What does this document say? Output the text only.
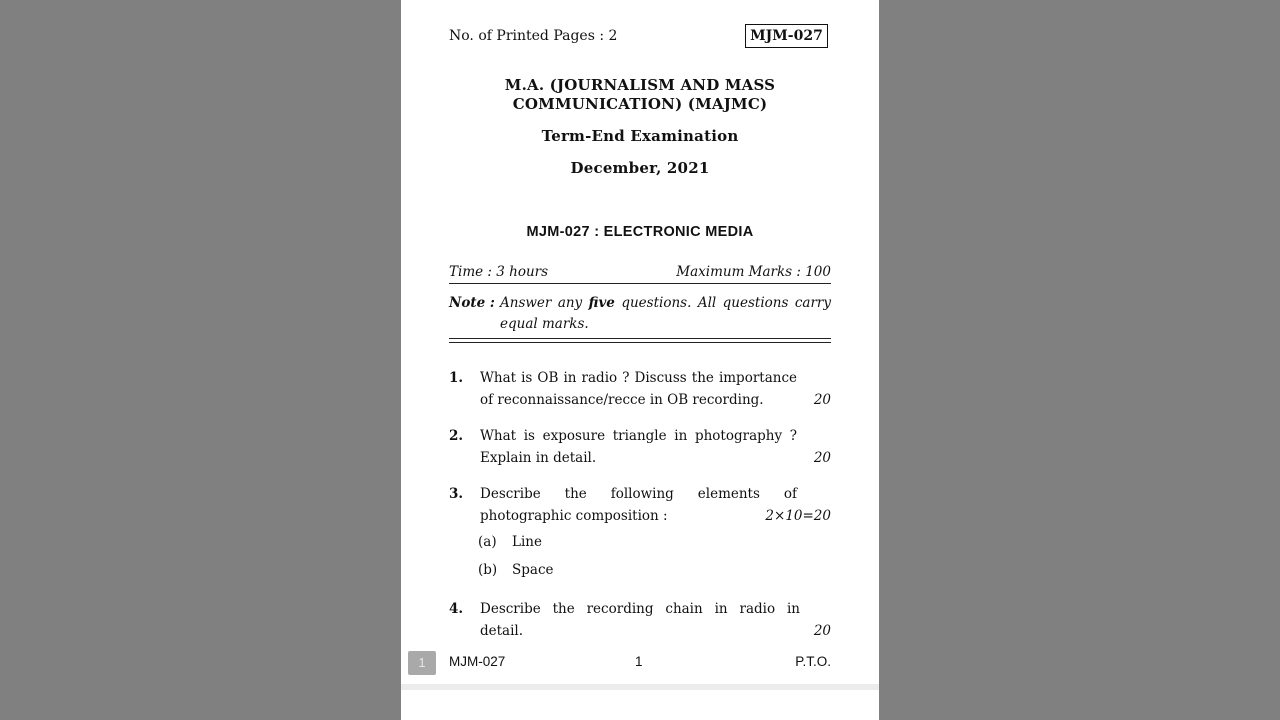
No. of Printed Pages : 2	MJM-027
M.A. (JOURNALISM AND MASS
COMMUNICATION) (MAJMC)
Term-End Examination
December, 2021
MJM-027 : ELECTRONIC MEDIA
Time : 3 hours	Maximum Marks : 100
Note : Answer any five questions. All questions carry equal marks.
1. What is OB in radio ? Discuss the importance of reconnaissance/recce in OB recording.	20
2. What is exposure triangle in photography ? Explain in detail.	20
3. Describe the following elements of photographic composition :	2×10=20
(a) Line
(b) Space
4. Describe the recording chain in radio in detail.	20
1	MJM-027	1	P.T.O.
